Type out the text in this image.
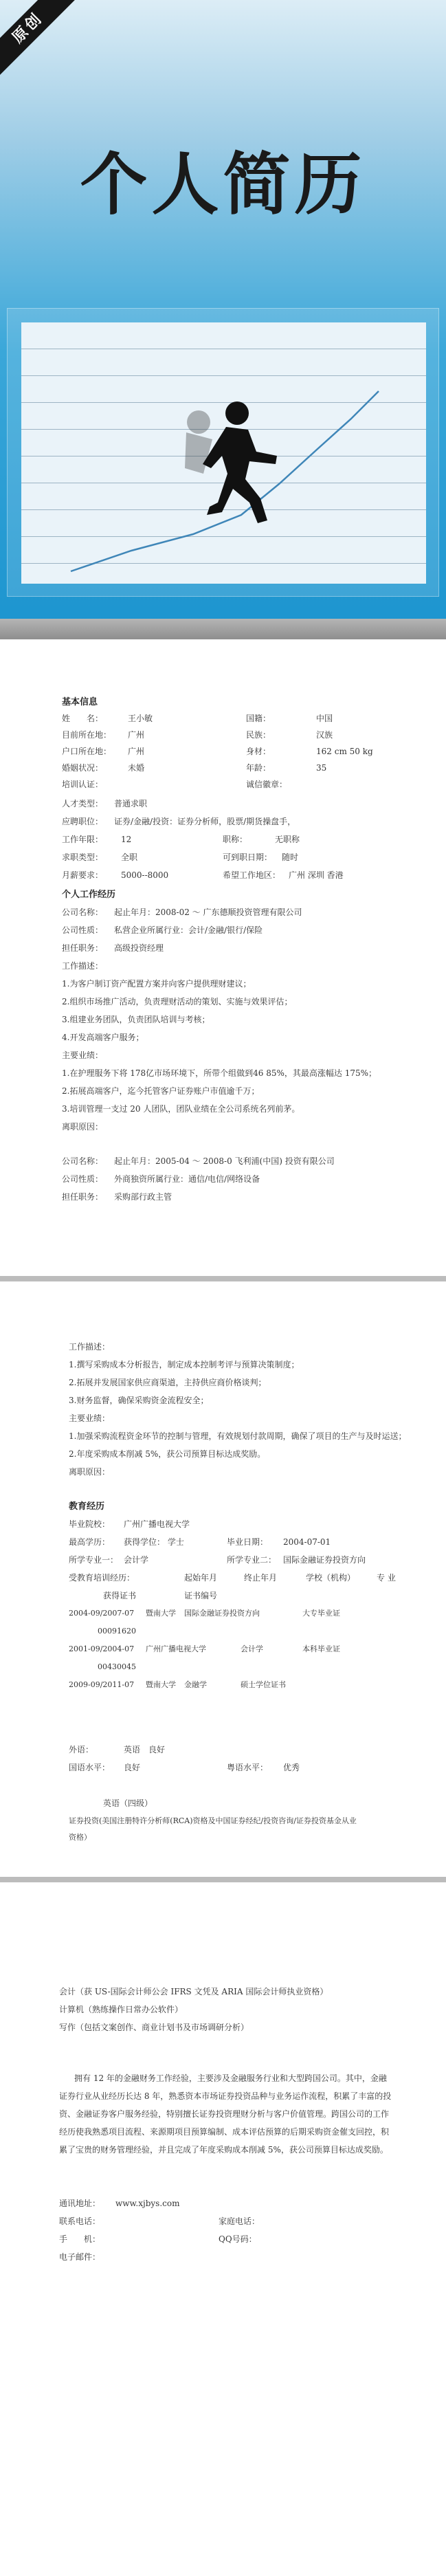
原创
个人简历
基本信息
姓　　名：	王小敏	国籍：	中国
目前所在地： 广州	民族：	汉族
户口所在地： 广州	身材：	162 cm 50 kg
婚姻状况：	未婚	年龄：	35
培训认证：	诚信徽章：
人才类型： 普通求职
应聘职位： 证券/金融/投资：证券分析师，股票/期货操盘手，
工作年限： 12	职称：	无职称
求职类型： 全职	可到职日期： 随时
月薪要求： 5000--8000	希望工作地区： 广州 深圳 香港
个人工作经历
公司名称： 起止年月：2008-02 ～ 广东德顺投资管理有限公司
公司性质： 私营企业所属行业：会计/金融/银行/保险
担任职务： 高级投资经理
工作描述：
1.为客户制订资产配置方案并向客户提供理财建议；
2.组织市场推广活动，负责理财活动的策划、实施与效果评估；
3.组建业务团队，负责团队培训与考核；
4.开发高端客户服务；
主要业绩：
1.在护理服务下将 178亿市场环境下，所带个组做到46 85%，其最高涨幅达 175%；
2.拓展高端客户，迄今托管客户证券账户市值逾千万；
3.培训管理一支过 20 人团队，团队业绩在全公司系统名列前茅。
离职原因：
公司名称： 起止年月：2005-04 ～ 2008-0 飞利浦(中国) 投资有限公司
公司性质： 外商独资所属行业：通信/电信/网络设备
担任职务： 采购部行政主管
工作描述：
1.撰写采购成本分析报告，制定成本控制考评与预算决策制度；
2.拓展并发展国家供应商渠道，主持供应商价格谈判；
3.财务监督，确保采购资金流程安全；
主要业绩：
1.加强采购流程资金环节的控制与管理，有效规划付款周期，确保了项目的生产与及时运送；
2.年度采购成本削减 5%，获公司预算目标达成奖励。
离职原因：
教育经历
毕业院校： 广州广播电视大学
最高学历： 获得学位： 学士	毕业日期： 2004-07-01
所学专业一： 会计学	所学专业二： 国际金融证券投资方向
受教育培训经历：	起始年月	终止年月	学校（机构）	专 业
获得证书	证书编号
2004-09/2007-07 暨南大学 国际金融证券投资方向	大专毕业证
00091620
2001-09/2004-07 广州广播电视大学	会计学	本科毕业证
00430045
2009-09/2011-07 暨南大学 金融学	硕士学位证书
外语：	英语　良好
国语水平： 良好	粤语水平： 优秀
英语（四级）
证券投资(美国注册特许分析师(RCA)资格及中国证券经纪/投资咨询/证券投资基金从业
资格）
会计（获 US-国际会计师公会 IFRS 文凭及 ARIA 国际会计师执业资格）
计算机（熟练操作日常办公软件）
写作（包括文案创作、商业计划书及市场调研分析）
拥有 12 年的金融财务工作经验，主要涉及金融服务行业和大型跨国公司。其中，金融
证券行业从业经历长达 8 年，熟悉资本市场证券投资品种与业务运作流程，积累了丰富的投
资、金融证券客户服务经验，特别擅长证券投资理财分析与客户价值管理。跨国公司的工作
经历使我熟悉项目流程、来源期项目预算编制、成本评估预算的后期采购资金催支回控，积
累了宝贵的财务管理经验，并且完成了年度采购成本削减 5%，获公司预算目标达成奖励。
通讯地址： www.xjbys.com
联系电话：	家庭电话：
手　　机：	QQ号码：
电子邮件：
